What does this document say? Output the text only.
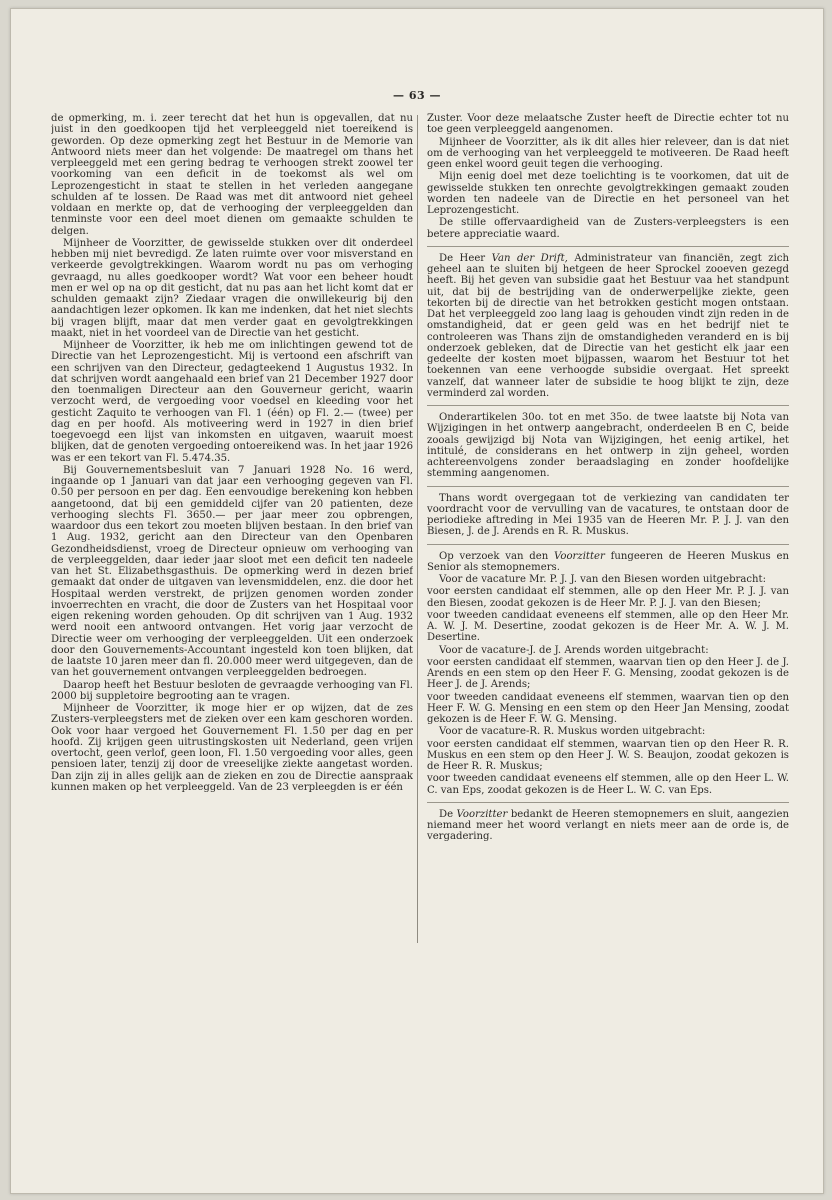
— 63 —

de opmerking, m. i. zeer terecht dat het hun is opgevallen, dat nu juist in den goedkoopen tijd het verpleeggeld niet toereikend is geworden. Op deze opmerking zegt het Bestuur in de Memorie van Antwoord niets meer dan het volgende: De maatregel om thans het verpleeggeld met een gering bedrag te verhoogen strekt zoowel ter voorkoming van een deficit in de toekomst als wel om Leprozengesticht in staat te stellen in het verleden aangegane schulden af te lossen. De Raad was met dit antwoord niet geheel voldaan en merkte op, dat de verhooging der verpleeggelden dan tenminste voor een deel moet dienen om gemaakte schulden te delgen.

Mijnheer de Voorzitter, de gewisselde stukken over dit onderdeel hebben mij niet bevredigd. Ze laten ruimte over voor misverstand en verkeerde gevolgtrekkingen. Waarom wordt nu pas om verhoging gevraagd, nu alles goedkooper wordt? Wat voor een beheer houdt men er wel op na op dit gesticht, dat nu pas aan het licht komt dat er schulden gemaakt zijn? Ziedaar vragen die onwillekeurig bij den aandachtigen lezer opkomen. Ik kan me indenken, dat het niet slechts bij vragen blijft, maar dat men verder gaat en gevolgtrekkingen maakt, niet in het voordeel van de Directie van het gesticht.

Mijnheer de Voorzitter, ik heb me om inlichtingen gewend tot de Directie van het Leprozengesticht. Mij is vertoond een afschrift van een schrijven van den Directeur, gedagteekend 1 Augustus 1932. In dat schrijven wordt aangehaald een brief van 21 December 1927 door den toenmaligen Directeur aan den Gouverneur gericht, waarin verzocht werd, de vergoeding voor voedsel en kleeding voor het gesticht Zaquito te verhoogen van Fl. 1 (één) op Fl. 2.— (twee) per dag en per hoofd. Als motiveering werd in 1927 in dien brief toegevoegd een lijst van inkomsten en uitgaven, waaruit moest blijken, dat de genoten vergoeding ontoereikend was. In het jaar 1926 was er een tekort van Fl. 5.474.35.

Bij Gouvernementsbesluit van 7 Januari 1928 No. 16 werd, ingaande op 1 Januari van dat jaar een verhooging gegeven van Fl. 0.50 per persoon en per dag. Een eenvoudige berekening kon hebben aangetoond, dat bij een gemiddeld cijfer van 20 patienten, deze verhooging slechts Fl. 3650.— per jaar meer zou opbrengen, waardoor dus een tekort zou moeten blijven bestaan. In den brief van 1 Aug. 1932, gericht aan den Directeur van den Openbaren Gezondheidsdienst, vroeg de Directeur opnieuw om verhooging van de verpleeggelden, daar ieder jaar sloot met een deficit ten nadeele van het St. Elizabethsgasthuis. De opmerking werd in dezen brief gemaakt dat onder de uitgaven van levensmiddelen, enz. die door het Hospitaal werden verstrekt, de prijzen genomen worden zonder invoerrechten en vracht, die door de Zusters van het Hospitaal voor eigen rekening worden gehouden. Op dit schrijven van 1 Aug. 1932 werd nooit een antwoord ontvangen. Het vorig jaar verzocht de Directie weer om verhooging der verpleeggelden. Uit een onderzoek door den Gouvernements-Accountant ingesteld kon toen blijken, dat de laatste 10 jaren meer dan fl. 20.000 meer werd uitgegeven, dan de van het gouvernement ontvangen verpleeggelden bedroegen.

Daarop heeft het Bestuur besloten de gevraagde verhooging van Fl. 2000 bij suppletoire begrooting aan te vragen.

Mijnheer de Voorzitter, ik moge hier er op wijzen, dat de zes Zusters-verpleegsters met de zieken over een kam geschoren worden. Ook voor haar vergoed het Gouvernement Fl. 1.50 per dag en per hoofd. Zij krijgen geen uitrustingskosten uit Nederland, geen vrijen overtocht, geen verlof, geen loon, Fl. 1.50 vergoeding voor alles, geen pensioen later, tenzij zij door de vreeselijke ziekte aangetast worden. Dan zijn zij in alles gelijk aan de zieken en zou de Directie aanspraak kunnen maken op het verpleeggeld. Van de 23 verpleegden is er één

Zuster. Voor deze melaatsche Zuster heeft de Directie echter tot nu toe geen verpleeggeld aangenomen.

Mijnheer de Voorzitter, als ik dit alles hier releveer, dan is dat niet om de verhooging van het verpleeggeld te motiveeren. De Raad heeft geen enkel woord geuit tegen die verhooging.

Mijn eenig doel met deze toelichting is te voorkomen, dat uit de gewisselde stukken ten onrechte gevolgtrekkingen gemaakt zouden worden ten nadeele van de Directie en het personeel van het Leprozengesticht.

De stille offervaardigheid van de Zusters-verpleegsters is een betere appreciatie waard.

De Heer Van der Drift, Administrateur van financiën, zegt zich geheel aan te sluiten bij hetgeen de heer Sprockel zooeven gezegd heeft. Bij het geven van subsidie gaat het Bestuur vaa het standpunt uit, dat bij de bestrijding van de onderwerpelijke ziekte, geen tekorten bij de directie van het betrokken gesticht mogen ontstaan. Dat het verpleeggeld zoo lang laag is gehouden vindt zijn reden in de omstandigheid, dat er geen geld was en het bedrijf niet te controleeren was Thans zijn de omstandigheden veranderd en is bij onderzoek gebleken, dat de Directie van het gesticht elk jaar een gedeelte der kosten moet bijpassen, waarom het Bestuur tot het toekennen van eene verhoogde subsidie overgaat. Het spreekt vanzelf, dat wanneer later de subsidie te hoog blijkt te zijn, deze verminderd zal worden.

Onderartikelen 30o. tot en met 35o. de twee laatste bij Nota van Wijzigingen in het ontwerp aangebracht, onderdeelen B en C, beide zooals gewijzigd bij Nota van Wijzigingen, het eenig artikel, het intitulé, de considerans en het ontwerp in zijn geheel, worden achtereenvolgens zonder beraadslaging en zonder hoofdelijke stemming aangenomen.

Thans wordt overgegaan tot de verkiezing van candidaten ter voordracht voor de vervulling van de vacatures, te ontstaan door de periodieke aftreding in Mei 1935 van de Heeren Mr. P. J. J. van den Biesen, J. de J. Arends en R. R. Muskus.

Op verzoek van den Voorzitter fungeeren de Heeren Muskus en Senior als stemopnemers.

Voor de vacature Mr. P. J. J. van den Biesen worden uitgebracht:

voor eersten candidaat elf stemmen, alle op den Heer Mr. P. J. J. van den Biesen, zoodat gekozen is de Heer Mr. P. J. J. van den Biesen;

voor tweeden candidaat eveneens elf stemmen, alle op den Heer Mr. A. W. J. M. Desertine, zoodat gekozen is de Heer Mr. A. W. J. M. Desertine.

Voor de vacature-J. de J. Arends worden uitgebracht:

voor eersten candidaat elf stemmen, waarvan tien op den Heer J. de J. Arends en een stem op den Heer F. G. Mensing, zoodat gekozen is de Heer J. de J. Arends;

voor tweeden candidaat eveneens elf stemmen, waarvan tien op den Heer F. W. G. Mensing en een stem op den Heer Jan Mensing, zoodat gekozen is de Heer F. W. G. Mensing.

Voor de vacature-R. R. Muskus worden uitgebracht:

voor eersten candidaat elf stemmen, waarvan tien op den Heer R. R. Muskus en een stem op den Heer J. W. S. Beaujon, zoodat gekozen is de Heer R. R. Muskus;

voor tweeden candidaat eveneens elf stemmen, alle op den Heer L. W. C. van Eps, zoodat gekozen is de Heer L. W. C. van Eps.

De Voorzitter bedankt de Heeren stemopnemers en sluit, aangezien niemand meer het woord verlangt en niets meer aan de orde is, de vergadering.
